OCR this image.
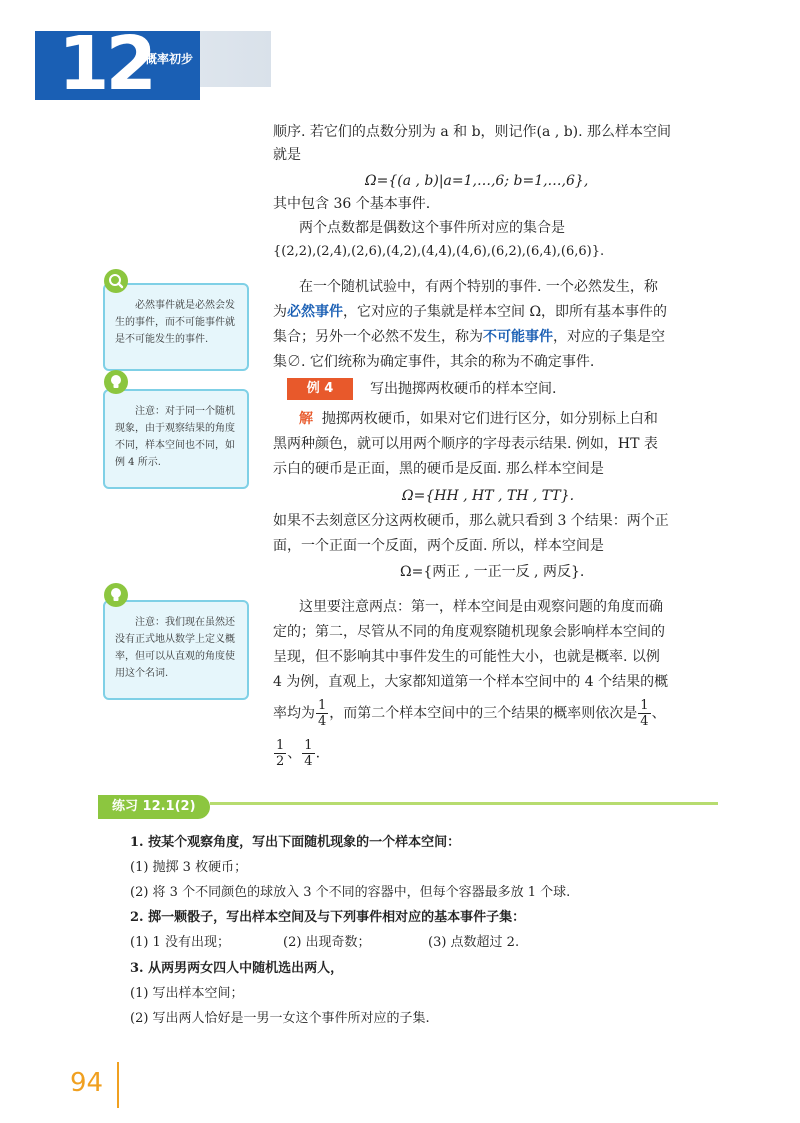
12
概率初步
顺序. 若它们的点数分别为 a 和 b，则记作(a , b). 那么样本空间
就是
Ω={(a , b)|a=1,…,6; b=1,…,6},
其中包含 36 个基本事件.
两个点数都是偶数这个事件所对应的集合是
{(2,2),(2,4),(2,6),(4,2),(4,4),(4,6),(6,2),(6,4),(6,6)}.
在一个随机试验中，有两个特别的事件. 一个必然发生，称
为必然事件，它对应的子集就是样本空间 Ω，即所有基本事件的
集合；另外一个必然不发生，称为不可能事件，对应的子集是空
集∅. 它们统称为确定事件，其余的称为不确定事件.
例 4	写出抛掷两枚硬币的样本空间.
解 抛掷两枚硬币，如果对它们进行区分，如分别标上白和
黑两种颜色，就可以用两个顺序的字母表示结果. 例如，HT 表
示白的硬币是正面，黑的硬币是反面. 那么样本空间是
Ω={HH , HT , TH , TT}.
如果不去刻意区分这两枚硬币，那么就只看到 3 个结果：两个正
面，一个正面一个反面，两个反面. 所以，样本空间是
Ω={两正 , 一正一反 , 两反}.
这里要注意两点：第一，样本空间是由观察问题的角度而确
定的；第二，尽管从不同的角度观察随机现象会影响样本空间的
呈现，但不影响其中事件发生的可能性大小，也就是概率. 以例
4 为例，直观上，大家都知道第一个样本空间中的 4 个结果的概
率均为 $\frac{1}{4}$ ，而第二个样本空间中的三个结果的概率则依次是 $\frac{1}{4}$ 、
$\frac{1}{2}$ 、 $\frac{1}{4}$ .
必然事件就是必然会发生的事件，而不可能事件就是不可能发生的事件.
注意：对于同一个随机现象，由于观察结果的角度不同，样本空间也不同，如例 4 所示.
注意：我们现在虽然还没有正式地从数学上定义概率，但可以从直观的角度使用这个名词.
练习 12.1(2)
1. 按某个观察角度，写出下面随机现象的一个样本空间：
(1) 抛掷 3 枚硬币；
(2) 将 3 个不同颜色的球放入 3 个不同的容器中，但每个容器最多放 1 个球.
2. 掷一颗骰子，写出样本空间及与下列事件相对应的基本事件子集：
(1) 1 没有出现；	(2) 出现奇数；	(3) 点数超过 2.
3. 从两男两女四人中随机选出两人，
(1) 写出样本空间；
(2) 写出两人恰好是一男一女这个事件所对应的子集.
94
